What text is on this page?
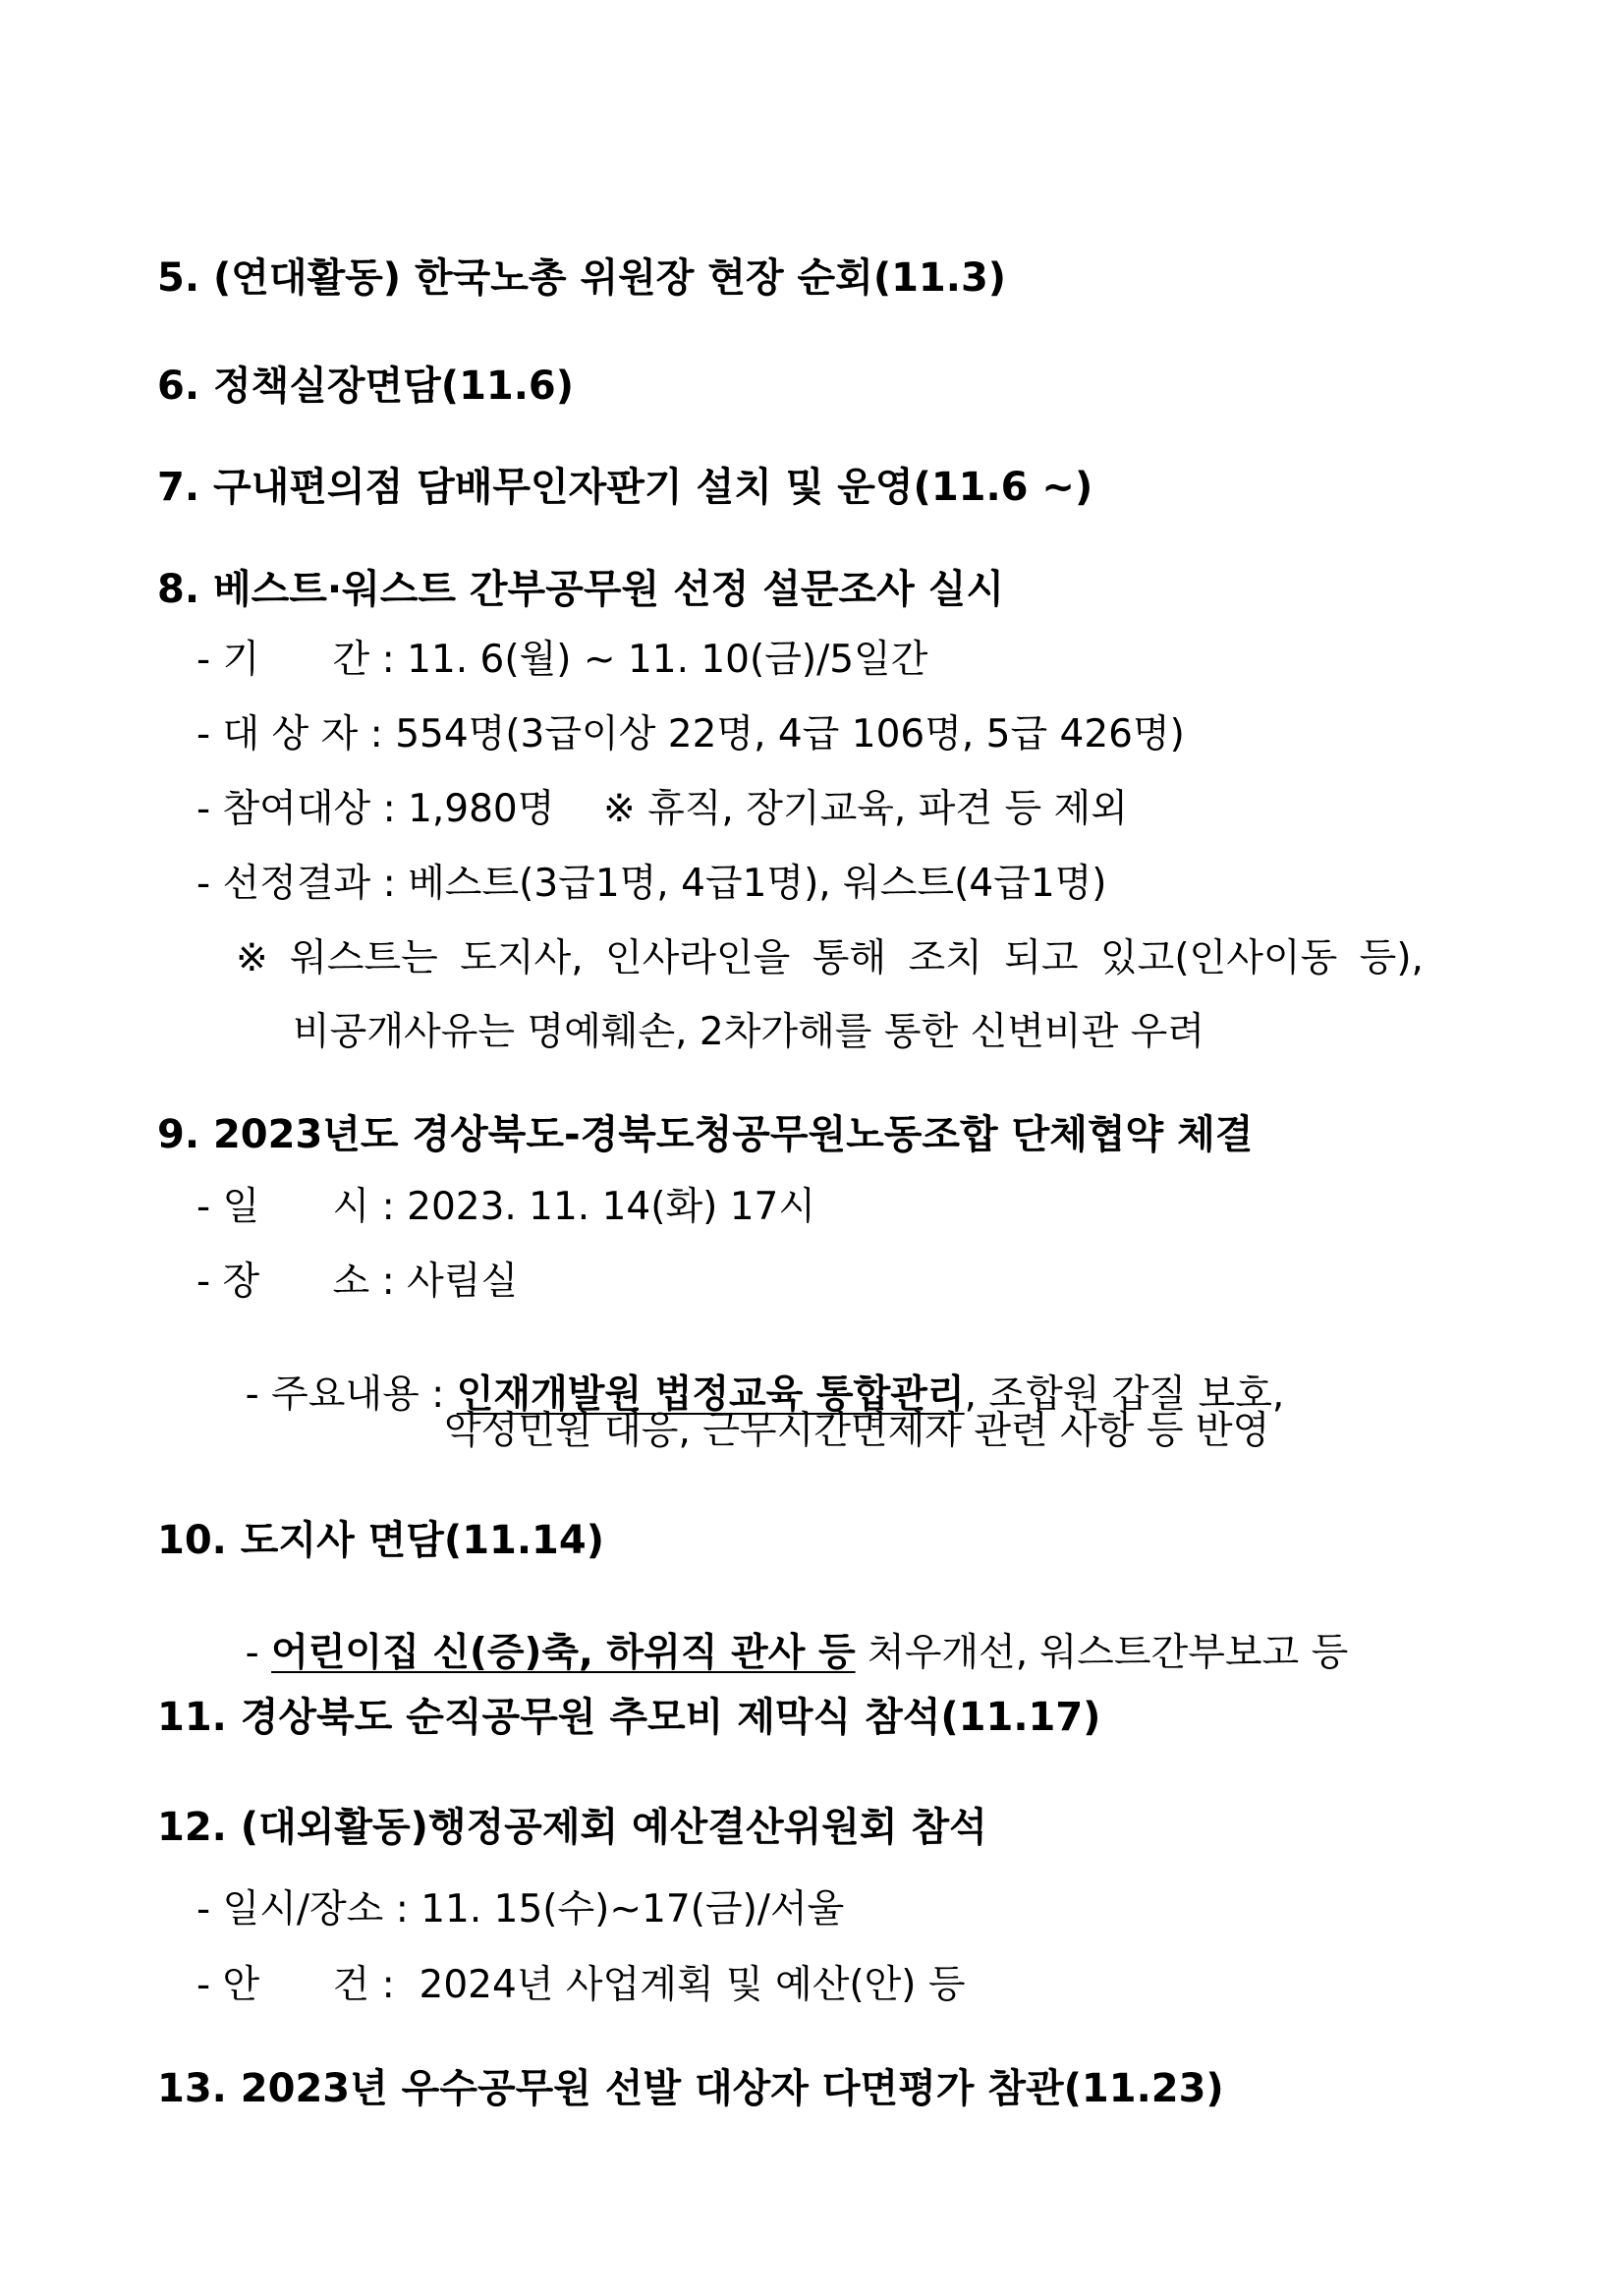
5. (연대활동) 한국노총 위원장 현장 순회(11.3)
6. 정책실장면담(11.6)
7. 구내편의점 담배무인자판기 설치 및 운영(11.6 ~)
8. 베스트·워스트 간부공무원 선정 설문조사 실시
- 기      간 : 11. 6(월) ~ 11. 10(금)/5일간
- 대 상 자 : 554명(3급이상 22명, 4급 106명, 5급 426명)
- 참여대상 : 1,980명    ※ 휴직, 장기교육, 파견 등 제외
- 선정결과 : 베스트(3급1명, 4급1명), 워스트(4급1명)
※ 워스트는 도지사, 인사라인을 통해 조치 되고 있고(인사이동 등),
비공개사유는 명예훼손, 2차가해를 통한 신변비관 우려
9. 2023년도 경상북도-경북도청공무원노동조합 단체협약 체결
- 일      시 : 2023. 11. 14(화) 17시
- 장      소 : 사림실

- 주요내용 : 인재개발원 법정교육 통합관리, 조합원 갑질 보호,

악성민원 대응, 근무시간면제자 관련 사항 등 반영
10. 도지사 면담(11.14)

- 어린이집 신(증)축, 하위직 관사 등 처우개선, 워스트간부보고 등

11. 경상북도 순직공무원 추모비 제막식 참석(11.17)
12. (대외활동)행정공제회 예산결산위원회 참석
- 일시/장소 : 11. 15(수)~17(금)/서울
- 안      건 :  2024년 사업계획 및 예산(안) 등
13. 2023년 우수공무원 선발 대상자 다면평가 참관(11.23)
